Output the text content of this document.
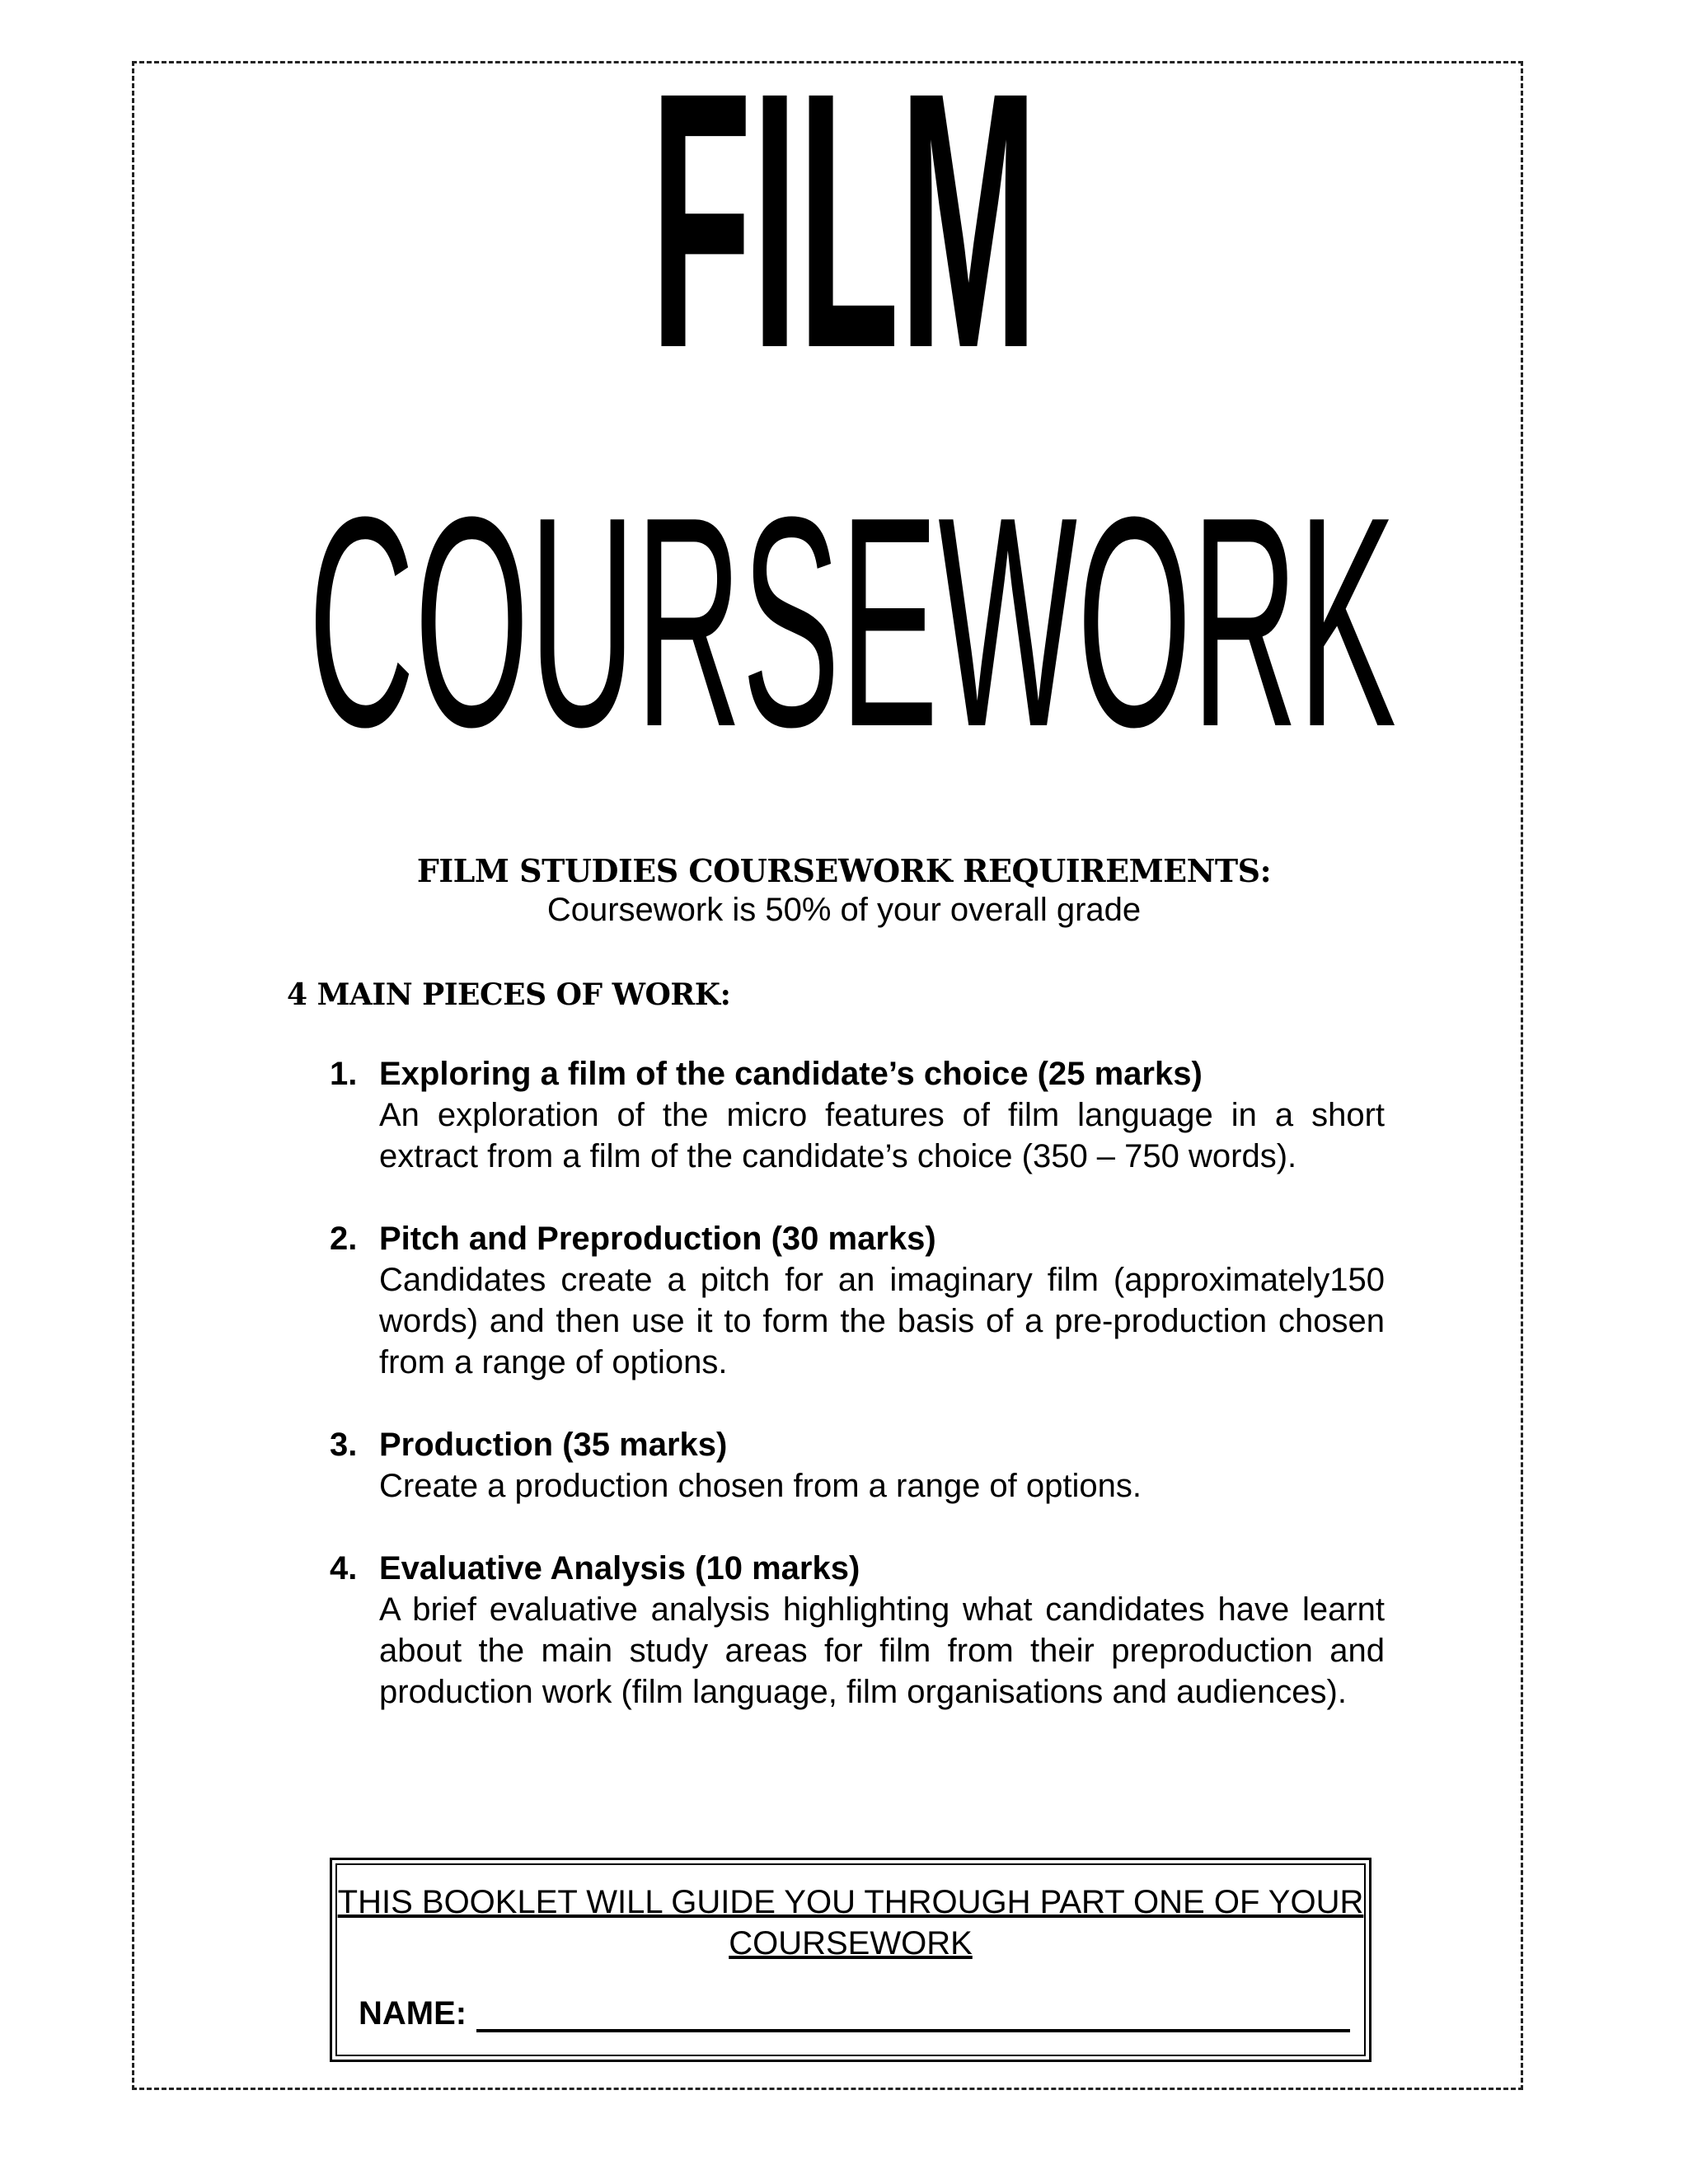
FILM
COURSEWORK
FILM STUDIES COURSEWORK REQUIREMENTS:
Coursework is 50% of your overall grade
4 MAIN PIECES OF WORK:
1. Exploring a film of the candidate’s choice (25 marks)
An exploration of the micro features of film language in a short extract from a film of the candidate’s choice (350 – 750 words).
2. Pitch and Preproduction (30 marks)
Candidates create a pitch for an imaginary film (approximately150 words) and then use it to form the basis of a pre-production chosen from a range of options.
3. Production (35 marks)
Create a production chosen from a range of options.
4. Evaluative Analysis (10 marks)
A brief evaluative analysis highlighting what candidates have learnt about the main study areas for film from their preproduction and production work (film language, film organisations and audiences).
THIS BOOKLET WILL GUIDE YOU THROUGH PART ONE OF YOUR COURSEWORK
NAME:
